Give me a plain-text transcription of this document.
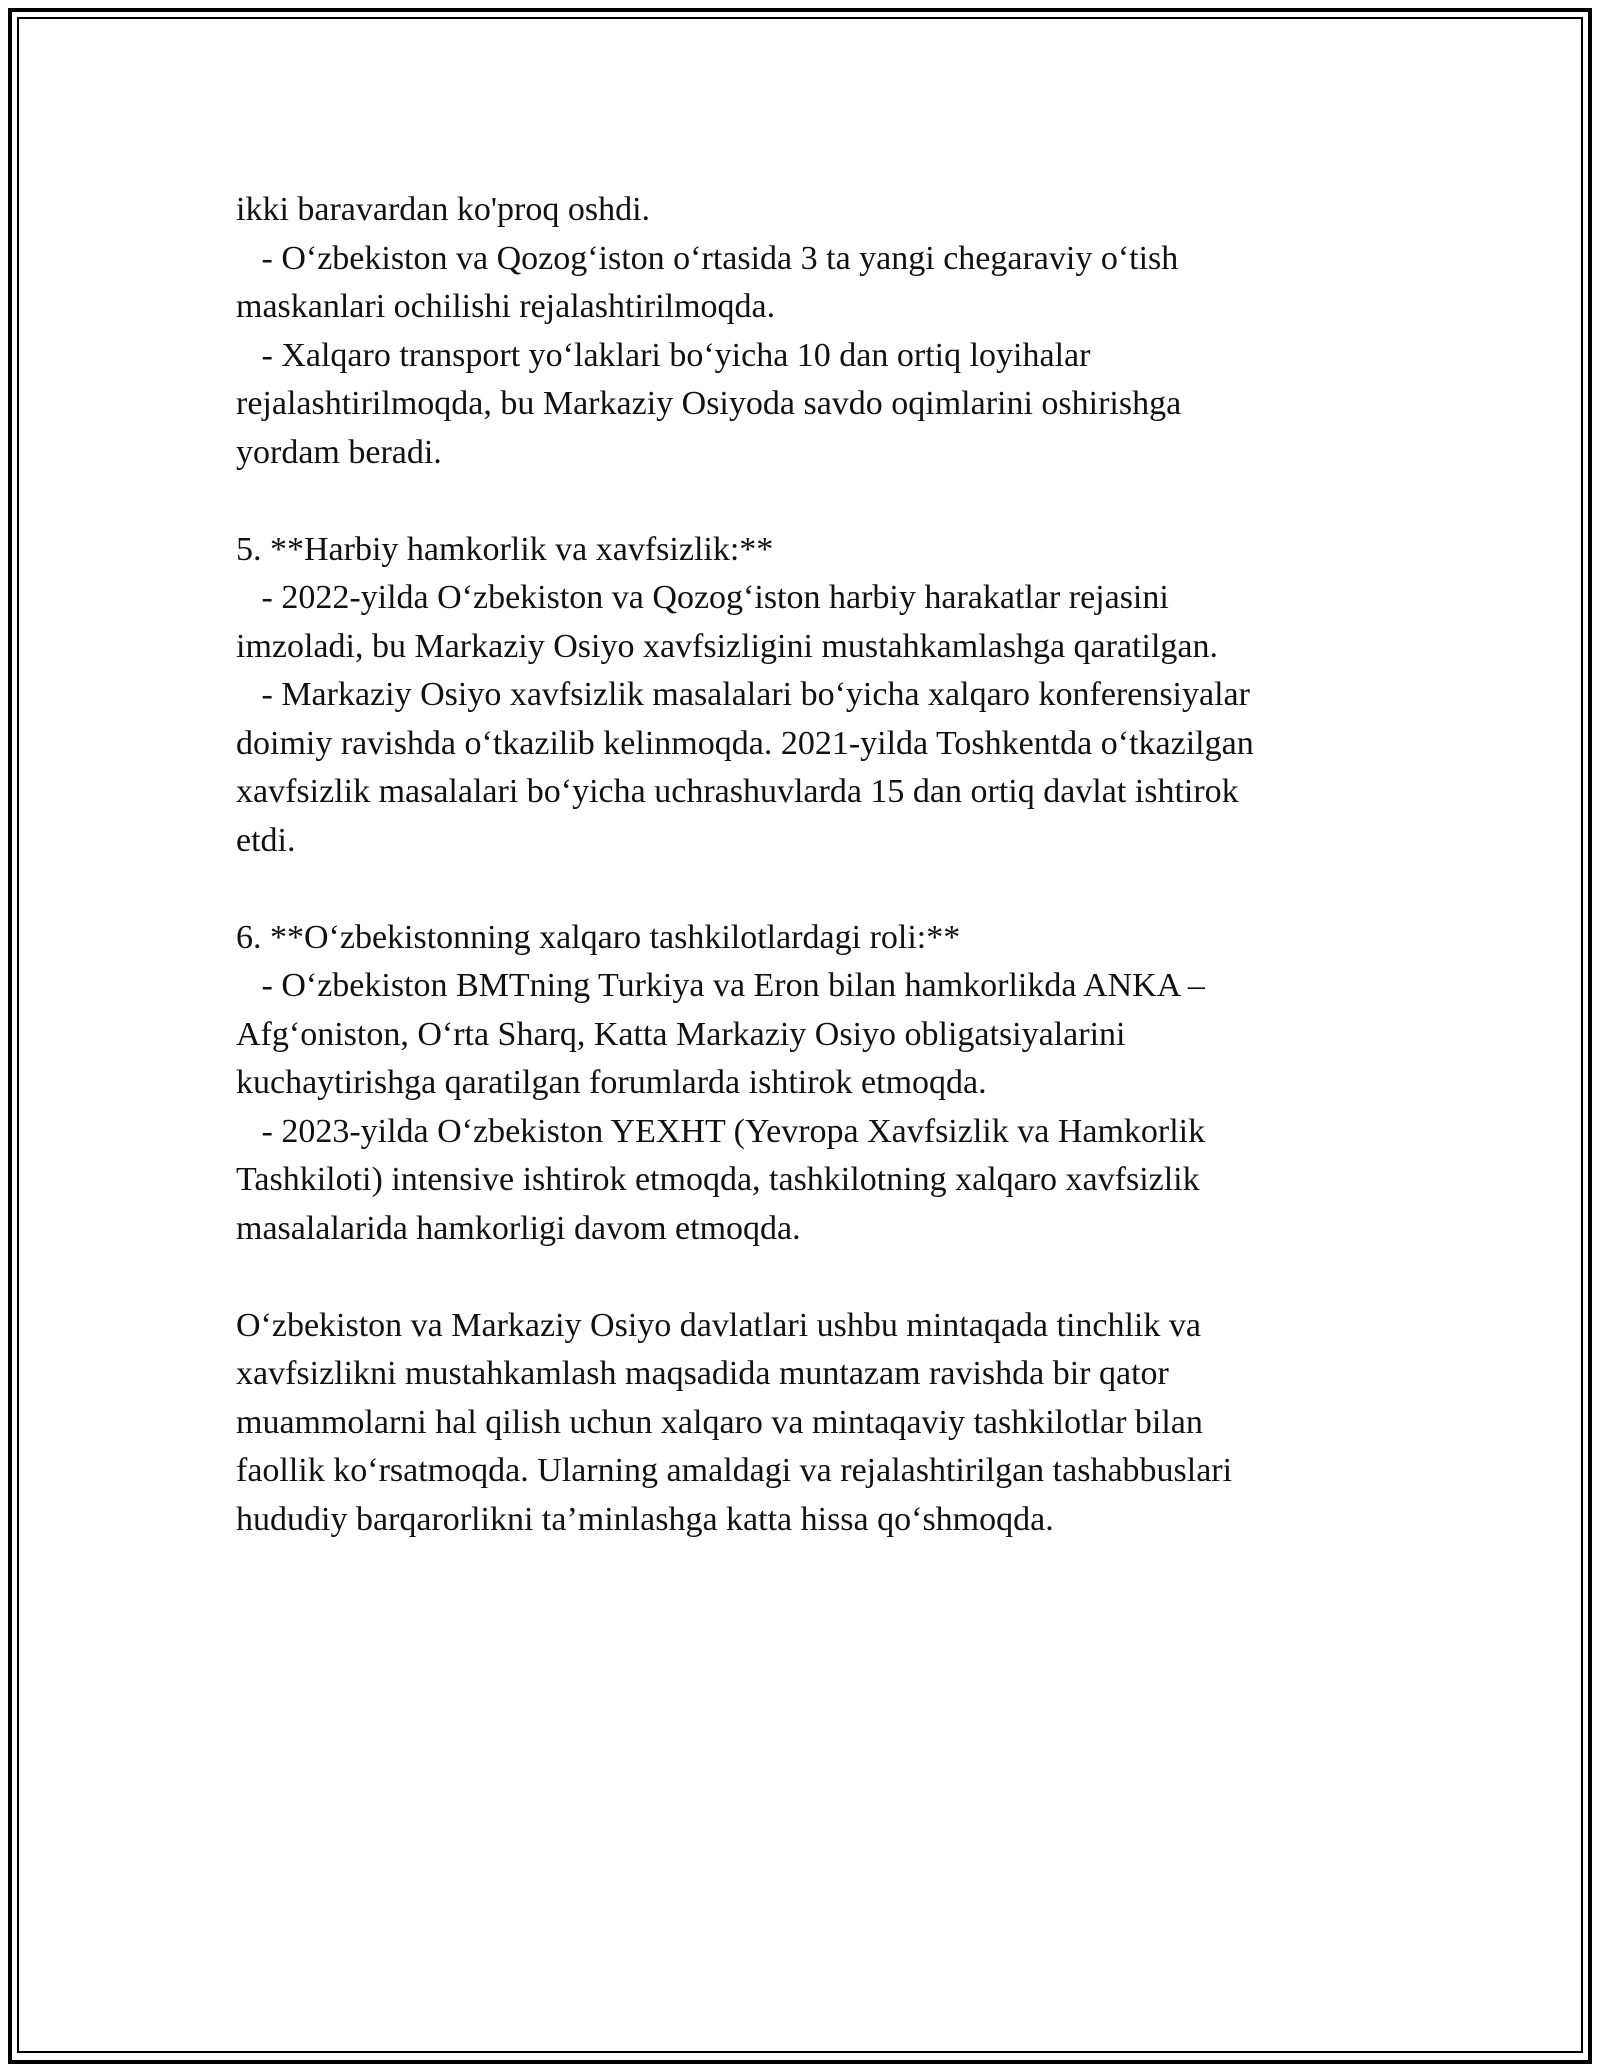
ikki baravardan ko'proq oshdi.
- O‘zbekiston va Qozog‘iston o‘rtasida 3 ta yangi chegaraviy o‘tish
maskanlari ochilishi rejalashtirilmoqda.
- Xalqaro transport yo‘laklari bo‘yicha 10 dan ortiq loyihalar
rejalashtirilmoqda, bu Markaziy Osiyoda savdo oqimlarini oshirishga
yordam beradi.
5. **Harbiy hamkorlik va xavfsizlik:**
- 2022-yilda O‘zbekiston va Qozog‘iston harbiy harakatlar rejasini
imzoladi, bu Markaziy Osiyo xavfsizligini mustahkamlashga qaratilgan.
- Markaziy Osiyo xavfsizlik masalalari bo‘yicha xalqaro konferensiyalar
doimiy ravishda o‘tkazilib kelinmoqda. 2021-yilda Toshkentda o‘tkazilgan
xavfsizlik masalalari bo‘yicha uchrashuvlarda 15 dan ortiq davlat ishtirok
etdi.
6. **O‘zbekistonning xalqaro tashkilotlardagi roli:**
- O‘zbekiston BMTning Turkiya va Eron bilan hamkorlikda ANKA –
Afg‘oniston, O‘rta Sharq, Katta Markaziy Osiyo obligatsiyalarini
kuchaytirishga qaratilgan forumlarda ishtirok etmoqda.
- 2023-yilda O‘zbekiston YEXHT (Yevropa Xavfsizlik va Hamkorlik
Tashkiloti) intensive ishtirok etmoqda, tashkilotning xalqaro xavfsizlik
masalalarida hamkorligi davom etmoqda.
O‘zbekiston va Markaziy Osiyo davlatlari ushbu mintaqada tinchlik va
xavfsizlikni mustahkamlash maqsadida muntazam ravishda bir qator
muammolarni hal qilish uchun xalqaro va mintaqaviy tashkilotlar bilan
faollik ko‘rsatmoqda. Ularning amaldagi va rejalashtirilgan tashabbuslari
hududiy barqarorlikni ta’minlashga katta hissa qo‘shmoqda.
